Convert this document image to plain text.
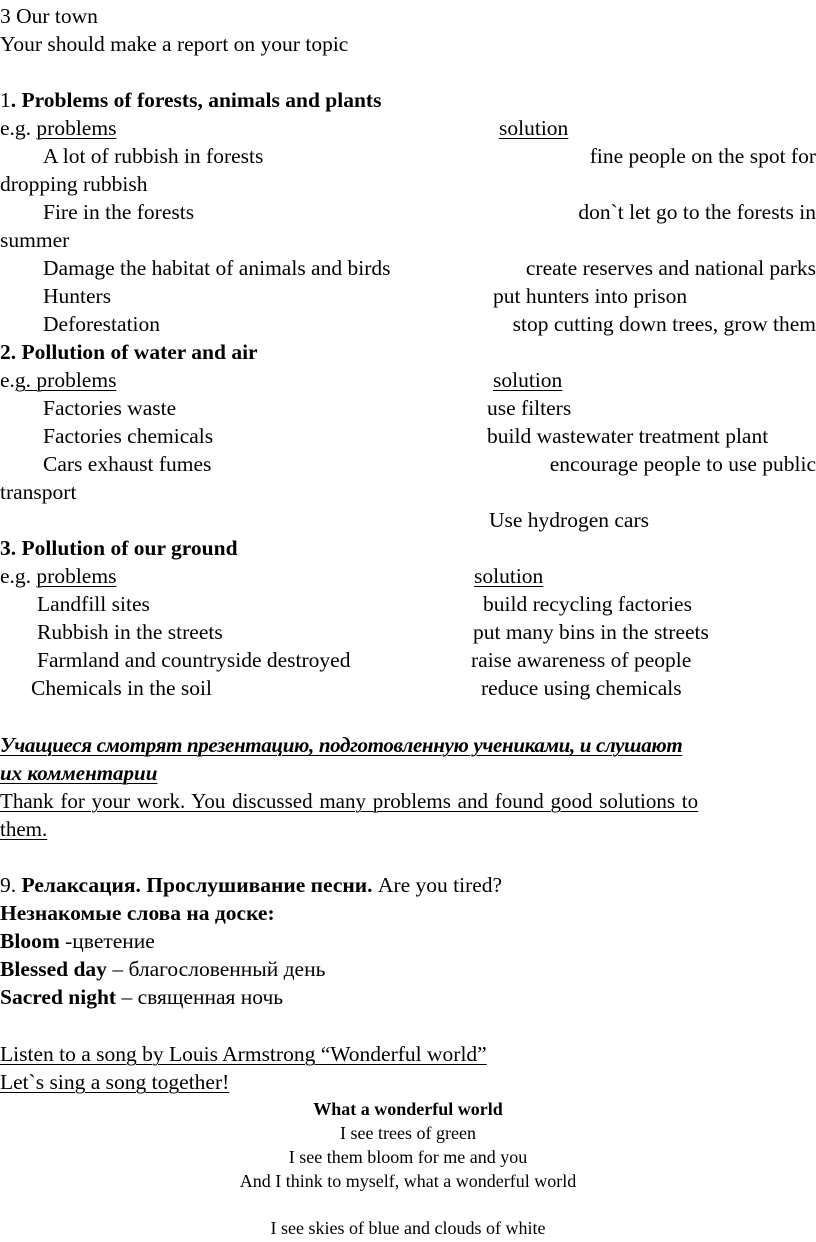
3 Our town
Your should make a report on your topic
1. Problems of forests, animals and plants
e.g. problems	solution
A lot of rubbish in forests	fine people on the spot for
dropping rubbish
Fire in the forests	don`t let go to the forests in
summer
Damage the habitat of animals and birds	create reserves and national parks
Hunters	put hunters into prison
Deforestation	stop cutting down trees, grow them
2. Pollution of water and air
e.g. problems	solution
Factories waste	use filters
Factories chemicals	build wastewater treatment plant
Cars exhaust fumes	encourage people to use public
transport
Use hydrogen cars
3. Pollution of our ground
e.g. problems	solution
Landfill sites	build recycling factories
Rubbish in the streets	put many bins in the streets
Farmland and countryside destroyed	raise awareness of people
Chemicals in the soil	reduce using chemicals
Учащиеся смотрят презентацию, подготовленную учениками, и слушают
их комментарии
Thank for your work. You discussed many problems and found good solutions to
them.
9. Релаксация. Прослушивание песни. Are you tired?
Незнакомые слова на доске:
Bloom -цветение
Blessed day – благословенный день
Sacred night – священная ночь
Listen to a song by Louis Armstrong “Wonderful world”
Let`s sing a song together!
What a wonderful world
I see trees of green
I see them bloom for me and you
And I think to myself, what a wonderful world
I see skies of blue and clouds of white
